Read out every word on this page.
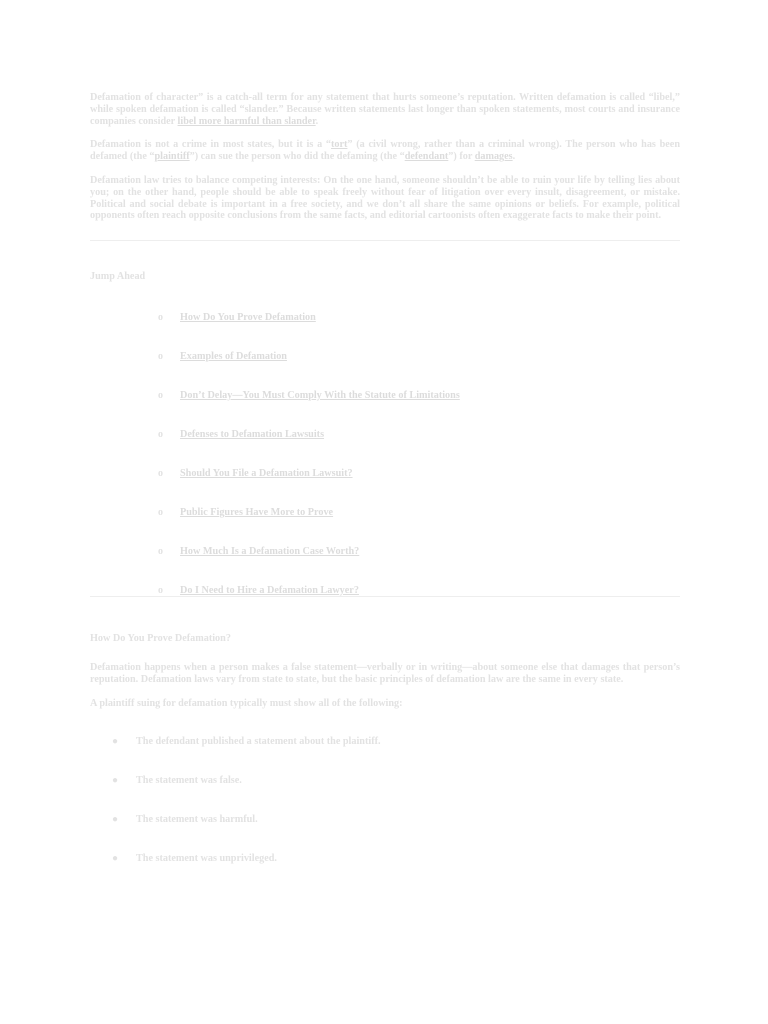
Defamation of character” is a catch-all term for any statement that hurts someone’s reputation. Written defamation is called “libel,” while spoken defamation is called “slander.” Because written statements last longer than spoken statements, most courts and insurance companies consider libel more harmful than slander.

Defamation is not a crime in most states, but it is a “tort” (a civil wrong, rather than a criminal wrong). The person who has been defamed (the “plaintiff”) can sue the person who did the defaming (the “defendant”) for damages.

Defamation law tries to balance competing interests: On the one hand, someone shouldn’t be able to ruin your life by telling lies about you; on the other hand, people should be able to speak freely without fear of litigation over every insult, disagreement, or mistake. Political and social debate is important in a free society, and we don’t all share the same opinions or beliefs. For example, political opponents often reach opposite conclusions from the same facts, and editorial cartoonists often exaggerate facts to make their point.

Jump Ahead
o How Do You Prove Defamation
o Examples of Defamation
o Don’t Delay—You Must Comply With the Statute of Limitations
o Defenses to Defamation Lawsuits
o Should You File a Defamation Lawsuit?
o Public Figures Have More to Prove
o How Much Is a Defamation Case Worth?
o Do I Need to Hire a Defamation Lawyer?
How Do You Prove Defamation?

Defamation happens when a person makes a false statement—verbally or in writing—about someone else that damages that person’s reputation. Defamation laws vary from state to state, but the basic principles of defamation law are the same in every state.

A plaintiff suing for defamation typically must show all of the following:

● The defendant published a statement about the plaintiff.
● The statement was false.
● The statement was harmful.
● The statement was unprivileged.
